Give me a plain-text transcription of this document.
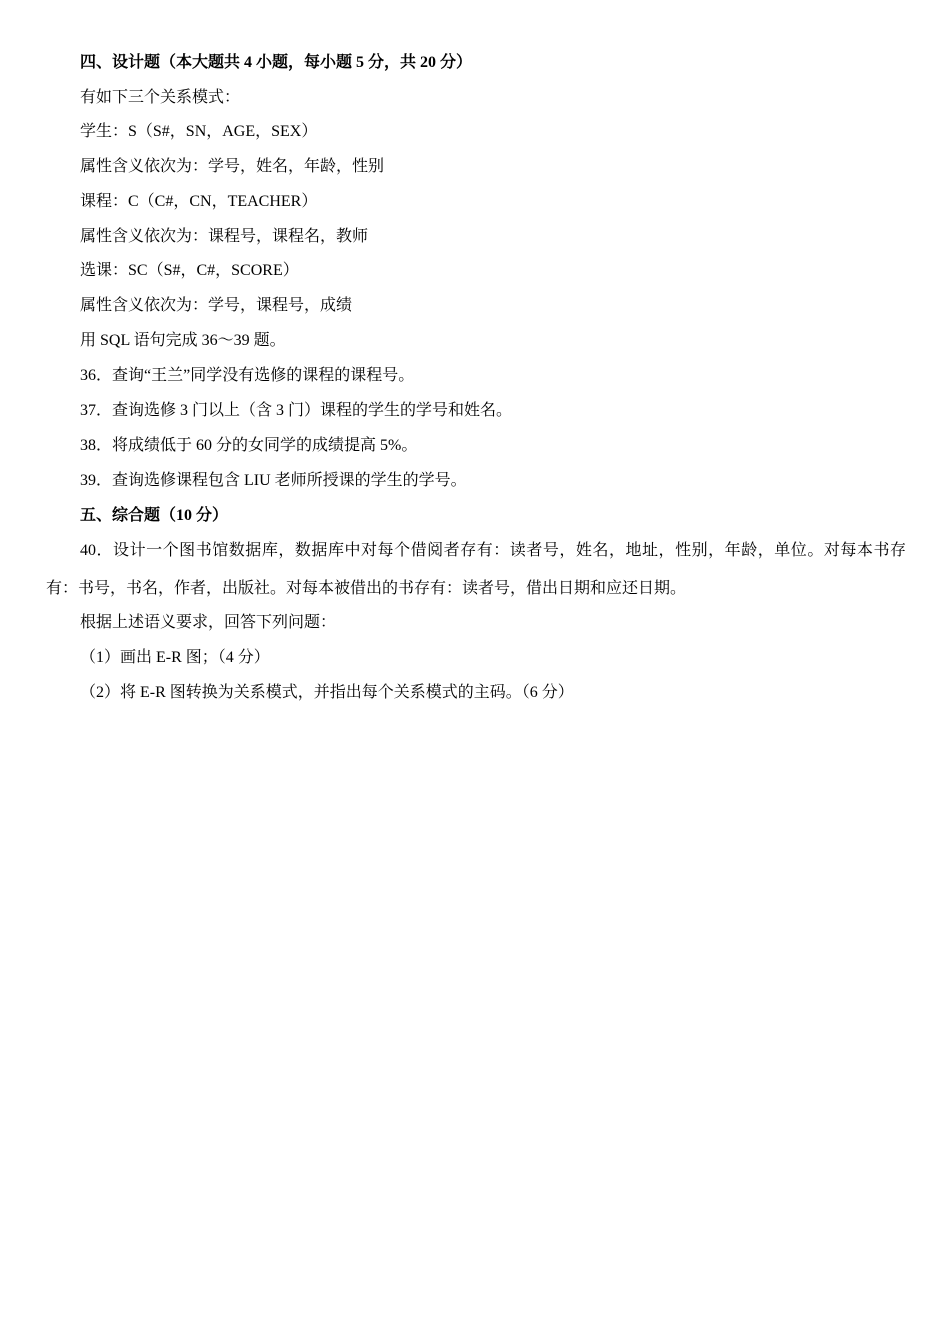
四、设计题（本大题共 4 小题，每小题 5 分，共 20 分）
有如下三个关系模式：
学生：S（S#，SN，AGE，SEX）
属性含义依次为：学号，姓名，年龄，性别
课程：C（C#，CN，TEACHER）
属性含义依次为：课程号，课程名，教师
选课：SC（S#，C#，SCORE）
属性含义依次为：学号，课程号，成绩
用 SQL 语句完成 36～39 题。
36．查询“王兰”同学没有选修的课程的课程号。
37．查询选修 3 门以上（含 3 门）课程的学生的学号和姓名。
38．将成绩低于 60 分的女同学的成绩提高 5%。
39．查询选修课程包含 LIU 老师所授课的学生的学号。
五、综合题（10 分）
40．设计一个图书馆数据库，数据库中对每个借阅者存有：读者号，姓名，地址，性别，年龄，单位。对每本书存有：书号，书名，作者，出版社。对每本被借出的书存有：读者号，借出日期和应还日期。
根据上述语义要求，回答下列问题：
（1）画出 E-R 图；（4 分）
（2）将 E-R 图转换为关系模式，并指出每个关系模式的主码。（6 分）
